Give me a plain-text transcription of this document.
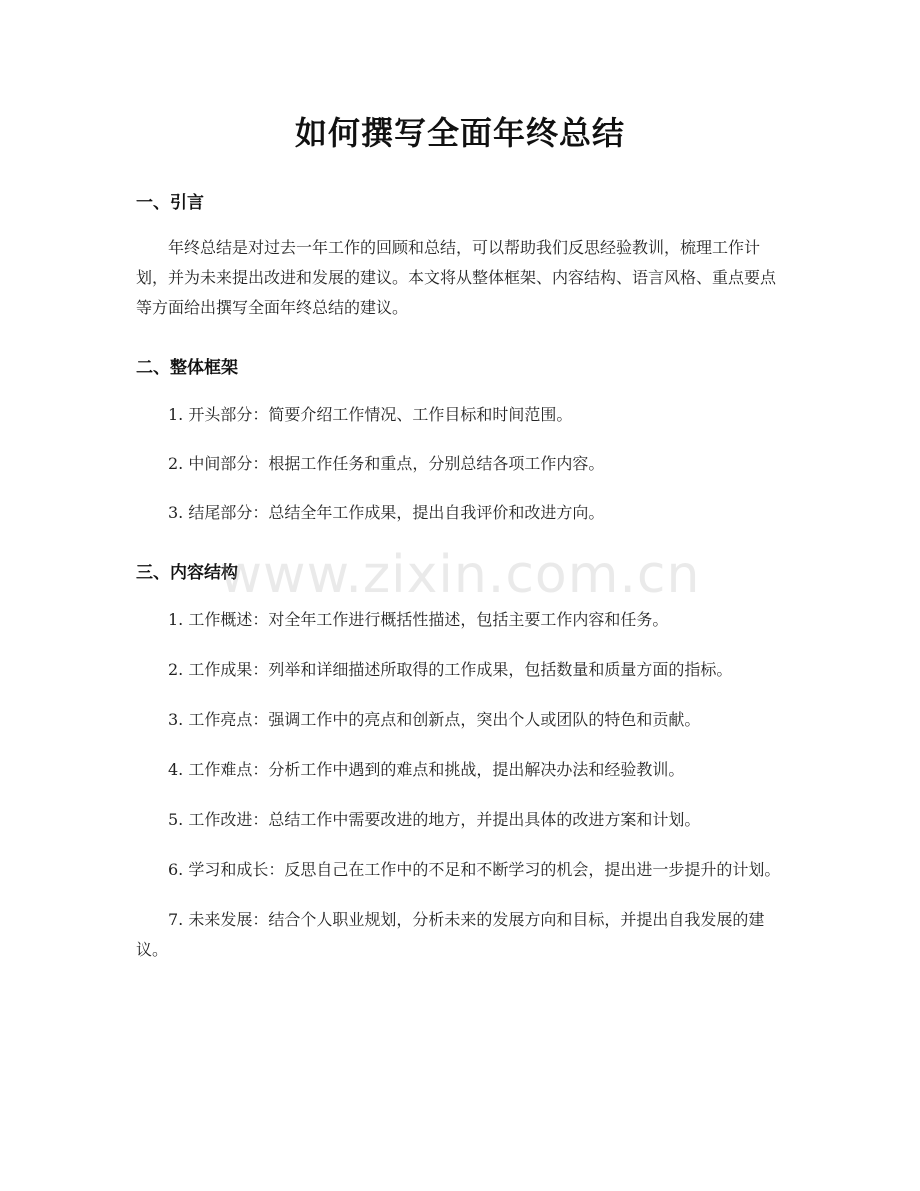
如何撰写全面年终总结
一、引言

年终总结是对过去一年工作的回顾和总结，可以帮助我们反思经验教训，梳理工作计划，并为未来提出改进和发展的建议。本文将从整体框架、内容结构、语言风格、重点要点等方面给出撰写全面年终总结的建议。

二、整体框架

1. 开头部分：简要介绍工作情况、工作目标和时间范围。

2. 中间部分：根据工作任务和重点，分别总结各项工作内容。

3. 结尾部分：总结全年工作成果，提出自我评价和改进方向。

三、内容结构

1. 工作概述：对全年工作进行概括性描述，包括主要工作内容和任务。

2. 工作成果：列举和详细描述所取得的工作成果，包括数量和质量方面的指标。

3. 工作亮点：强调工作中的亮点和创新点，突出个人或团队的特色和贡献。

4. 工作难点：分析工作中遇到的难点和挑战，提出解决办法和经验教训。

5. 工作改进：总结工作中需要改进的地方，并提出具体的改进方案和计划。

6. 学习和成长：反思自己在工作中的不足和不断学习的机会，提出进一步提升的计划。

7. 未来发展：结合个人职业规划，分析未来的发展方向和目标，并提出自我发展的建议。

www.zixin.com.cn
